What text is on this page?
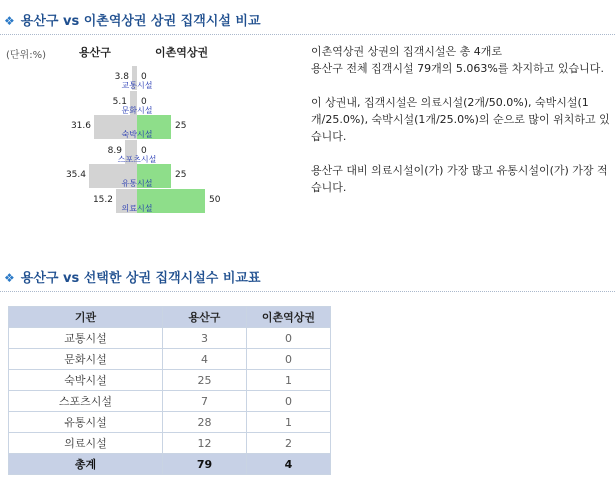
❖ 용산구 vs 이촌역상권 상권 집객시설 비교
(단위:%)	용산구	이촌역상권
3.8 0
교통시설
5.1 0
문화시설
31.6	25
숙박시설
8.9 0
스포츠시설
35.4	25
유통시설
15.2	50
의료시설

이촌역상권 상권의 집객시설은 총 4개로
용산구 전체 집객시설 79개의 5.063%를 차지하고 있습니다.

이 상권내, 집객시설은 의료시설(2개/50.0%), 숙박시설(1개/25.0%), 숙박시설(1개/25.0%)의 순으로 많이 위치하고 있습니다.

용산구 대비 의료시설이(가) 가장 많고 유통시설이(가) 가장 적습니다.

❖ 용산구 vs 선택한 상권 집객시설수 비교표
기관	용산구	이촌역상권
교통시설	3	0
문화시설	4	0
숙박시설	25	1
스포츠시설	7	0
유통시설	28	1
의료시설	12	2
총계	79	4
